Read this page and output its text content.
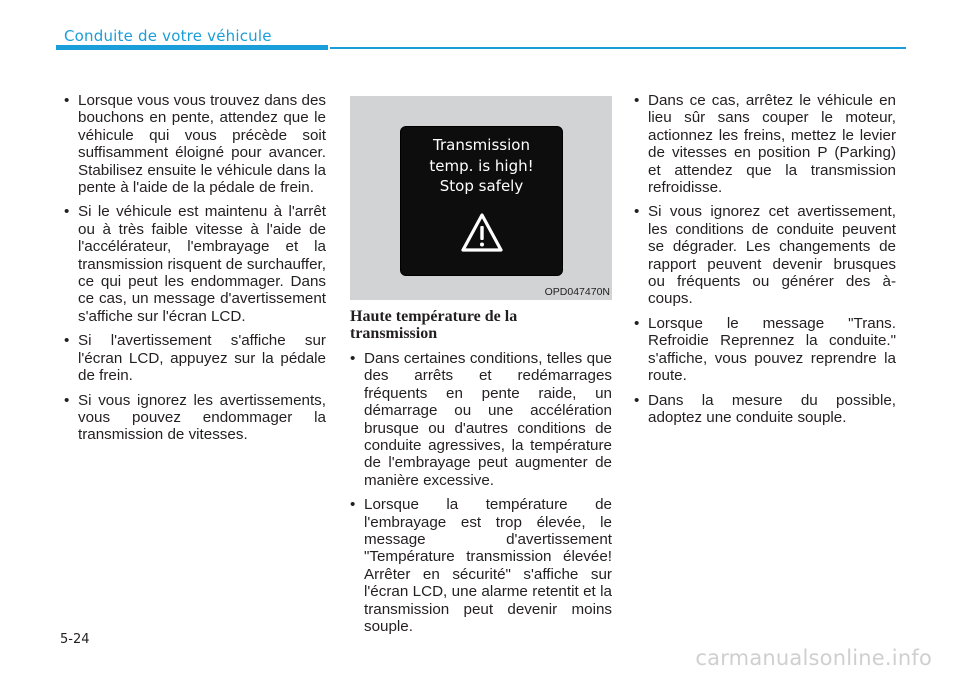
Conduite de votre véhicule
• Lorsque vous vous trouvez dans des bouchons en pente, attendez que le véhicule qui vous précède soit suffisamment éloigné pour avancer. Stabilisez ensuite le véhicule dans la pente à l'aide de la pédale de frein.
• Si le véhicule est maintenu à l'arrêt ou à très faible vitesse à l'aide de l'accélérateur, l'embrayage et la transmission risquent de surchauffer, ce qui peut les endommager. Dans ce cas, un message d'avertissement s'affiche sur l'écran LCD.
• Si l'avertissement s'affiche sur l'écran LCD, appuyez sur la pédale de frein.
• Si vous ignorez les avertissements, vous pouvez endommager la transmission de vitesses.
Transmission
temp. is high!
Stop safely
OPD047470N
Haute température de la transmission
• Dans certaines conditions, telles que des arrêts et redémarrages fréquents en pente raide, un démarrage ou une accélération brusque ou d'autres conditions de conduite agressives, la température de l'embrayage peut augmenter de manière excessive.
• Lorsque la température de l'embrayage est trop élevée, le message d'avertissement "Température transmission élevée! Arrêter en sécurité" s'affiche sur l'écran LCD, une alarme retentit et la transmission peut devenir moins souple.
• Dans ce cas, arrêtez le véhicule en lieu sûr sans couper le moteur, actionnez les freins, mettez le levier de vitesses en position P (Parking) et attendez que la transmission refroidisse.
• Si vous ignorez cet avertissement, les conditions de conduite peuvent se dégrader. Les changements de rapport peuvent devenir brusques ou fréquents ou générer des à-coups.
• Lorsque le message "Trans. Refroidie Reprennez la conduite." s'affiche, vous pouvez reprendre la route.
• Dans la mesure du possible, adoptez une conduite souple.
5-24
carmanualsonline.info
